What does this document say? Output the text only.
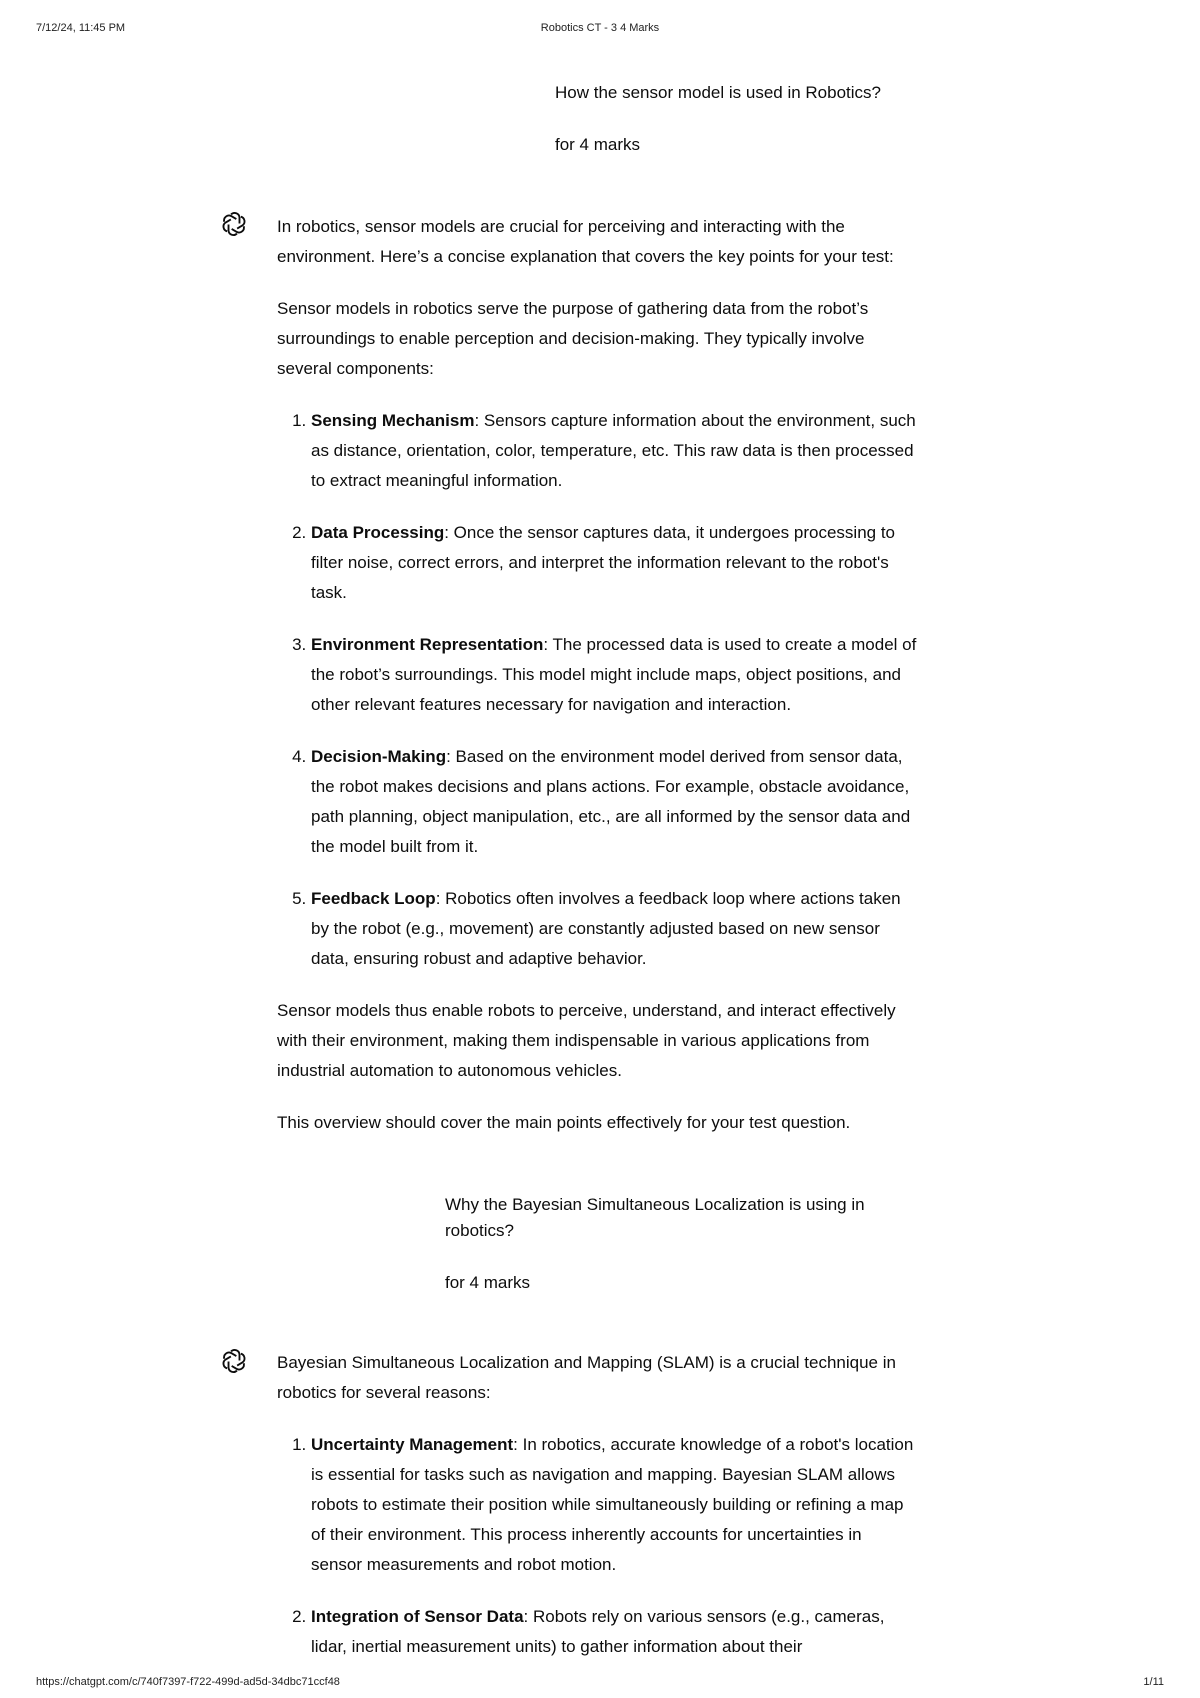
7/12/24, 11:45 PM	Robotics CT - 3 4 Marks

How the sensor model is used in Robotics?

for 4 marks

In robotics, sensor models are crucial for perceiving and interacting with the environment. Here’s a concise explanation that covers the key points for your test:

Sensor models in robotics serve the purpose of gathering data from the robot’s surroundings to enable perception and decision-making. They typically involve several components:

1. Sensing Mechanism: Sensors capture information about the environment, such as distance, orientation, color, temperature, etc. This raw data is then processed to extract meaningful information.
2. Data Processing: Once the sensor captures data, it undergoes processing to filter noise, correct errors, and interpret the information relevant to the robot's task.
3. Environment Representation: The processed data is used to create a model of the robot’s surroundings. This model might include maps, object positions, and other relevant features necessary for navigation and interaction.
4. Decision-Making: Based on the environment model derived from sensor data, the robot makes decisions and plans actions. For example, obstacle avoidance, path planning, object manipulation, etc., are all informed by the sensor data and the model built from it.
5. Feedback Loop: Robotics often involves a feedback loop where actions taken by the robot (e.g., movement) are constantly adjusted based on new sensor data, ensuring robust and adaptive behavior.

Sensor models thus enable robots to perceive, understand, and interact effectively with their environment, making them indispensable in various applications from industrial automation to autonomous vehicles.

This overview should cover the main points effectively for your test question.

Why the Bayesian Simultaneous Localization is using in robotics?

for 4 marks

Bayesian Simultaneous Localization and Mapping (SLAM) is a crucial technique in robotics for several reasons:

1. Uncertainty Management: In robotics, accurate knowledge of a robot's location is essential for tasks such as navigation and mapping. Bayesian SLAM allows robots to estimate their position while simultaneously building or refining a map of their environment. This process inherently accounts for uncertainties in sensor measurements and robot motion.
2. Integration of Sensor Data: Robots rely on various sensors (e.g., cameras, lidar, inertial measurement units) to gather information about their
https://chatgpt.com/c/740f7397-f722-499d-ad5d-34dbc71ccf48	1/11
